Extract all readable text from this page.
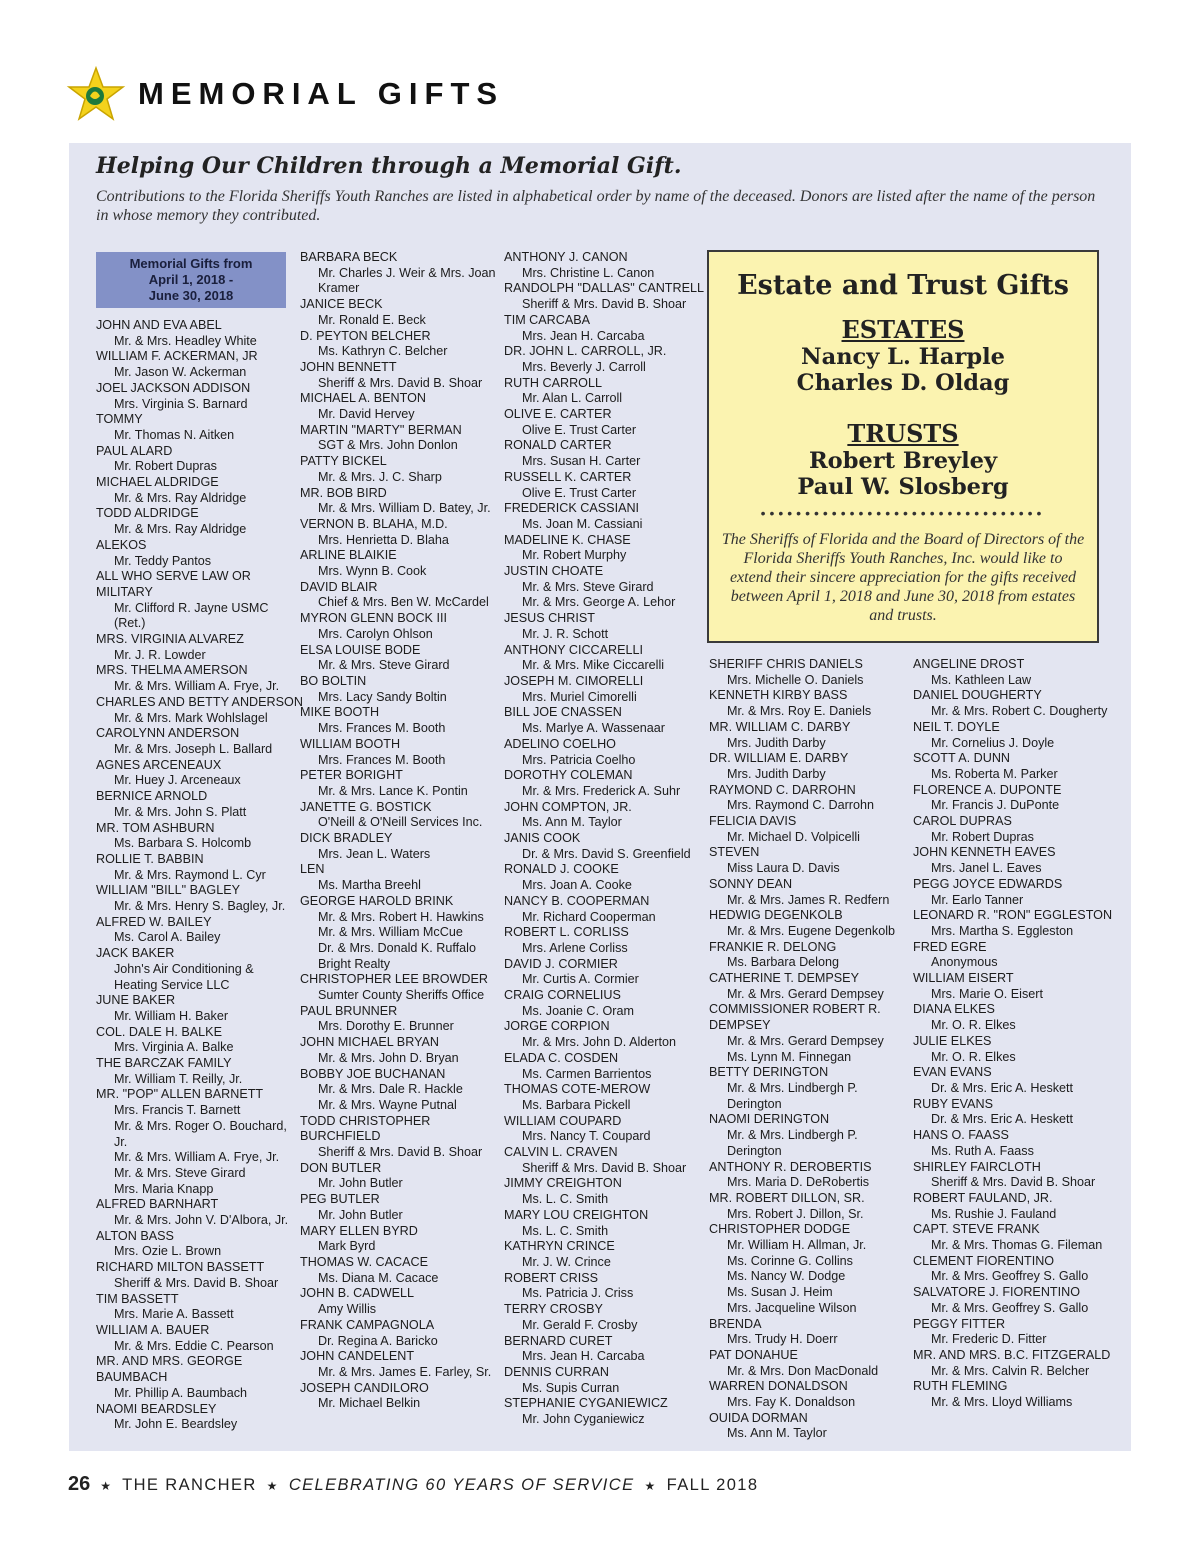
MEMORIAL GIFTS
Helping Our Children through a Memorial Gift.
Contributions to the Florida Sheriffs Youth Ranches are listed in alphabetical order by name of the deceased. Donors are listed after the name of the person in whose memory they contributed.
Memorial Gifts from
April 1, 2018 -
June 30, 2018
JOHN AND EVA ABEL
Mr. & Mrs. Headley White
WILLIAM F. ACKERMAN, JR
Mr. Jason W. Ackerman
JOEL JACKSON ADDISON
Mrs. Virginia S. Barnard
TOMMY
Mr. Thomas N. Aitken
PAUL ALARD
Mr. Robert Dupras
MICHAEL ALDRIDGE
Mr. & Mrs. Ray Aldridge
TODD ALDRIDGE
Mr. & Mrs. Ray Aldridge
ALEKOS
Mr. Teddy Pantos
ALL WHO SERVE LAW OR
MILITARY
Mr. Clifford R. Jayne USMC (Ret.)
MRS. VIRGINIA ALVAREZ
Mr. J. R. Lowder
MRS. THELMA AMERSON
Mr. & Mrs. William A. Frye, Jr.
CHARLES AND BETTY ANDERSON
Mr. & Mrs. Mark Wohlslagel
CAROLYNN ANDERSON
Mr. & Mrs. Joseph L. Ballard
AGNES ARCENEAUX
Mr. Huey J. Arceneaux
BERNICE ARNOLD
Mr. & Mrs. John S. Platt
MR. TOM ASHBURN
Ms. Barbara S. Holcomb
ROLLIE T. BABBIN
Mr. & Mrs. Raymond L. Cyr
WILLIAM "BILL" BAGLEY
Mr. & Mrs. Henry S. Bagley, Jr.
ALFRED W. BAILEY
Ms. Carol A. Bailey
JACK BAKER
John's Air Conditioning & Heating Service LLC
JUNE BAKER
Mr. William H. Baker
COL. DALE H. BALKE
Mrs. Virginia A. Balke
THE BARCZAK FAMILY
Mr. William T. Reilly, Jr.
MR. "POP" ALLEN BARNETT
Mrs. Francis T. Barnett
Mr. & Mrs. Roger O. Bouchard, Jr.
Mr. & Mrs. William A. Frye, Jr.
Mr. & Mrs. Steve Girard
Mrs. Maria Knapp
ALFRED BARNHART
Mr. & Mrs. John V. D'Albora, Jr.
ALTON BASS
Mrs. Ozie L. Brown
RICHARD MILTON BASSETT
Sheriff & Mrs. David B. Shoar
TIM BASSETT
Mrs. Marie A. Bassett
WILLIAM A. BAUER
Mr. & Mrs. Eddie C. Pearson
MR. AND MRS. GEORGE
BAUMBACH
Mr. Phillip A. Baumbach
NAOMI BEARDSLEY
Mr. John E. Beardsley
BARBARA BECK
Mr. Charles J. Weir & Mrs. Joan Kramer
JANICE BECK
Mr. Ronald E. Beck
D. PEYTON BELCHER
Ms. Kathryn C. Belcher
JOHN BENNETT
Sheriff & Mrs. David B. Shoar
MICHAEL A. BENTON
Mr. David Hervey
MARTIN "MARTY" BERMAN
SGT & Mrs. John Donlon
PATTY BICKEL
Mr. & Mrs. J. C. Sharp
MR. BOB BIRD
Mr. & Mrs. William D. Batey, Jr.
VERNON B. BLAHA, M.D.
Mrs. Henrietta D. Blaha
ARLINE BLAIKIE
Mrs. Wynn B. Cook
DAVID BLAIR
Chief & Mrs. Ben W. McCardel
MYRON GLENN BOCK III
Mrs. Carolyn Ohlson
ELSA LOUISE BODE
Mr. & Mrs. Steve Girard
BO BOLTIN
Mrs. Lacy Sandy Boltin
MIKE BOOTH
Mrs. Frances M. Booth
WILLIAM BOOTH
Mrs. Frances M. Booth
PETER BORIGHT
Mr. & Mrs. Lance K. Pontin
JANETTE G. BOSTICK
O'Neill & O'Neill Services Inc.
DICK BRADLEY
Mrs. Jean L. Waters
LEN
Ms. Martha Breehl
GEORGE HAROLD BRINK
Mr. & Mrs. Robert H. Hawkins
Mr. & Mrs. William McCue
Dr. & Mrs. Donald K. Ruffalo
Bright Realty
CHRISTOPHER LEE BROWDER
Sumter County Sheriffs Office
PAUL BRUNNER
Mrs. Dorothy E. Brunner
JOHN MICHAEL BRYAN
Mr. & Mrs. John D. Bryan
BOBBY JOE BUCHANAN
Mr. & Mrs. Dale R. Hackle
Mr. & Mrs. Wayne Putnal
TODD CHRISTOPHER
BURCHFIELD
Sheriff & Mrs. David B. Shoar
DON BUTLER
Mr. John Butler
PEG BUTLER
Mr. John Butler
MARY ELLEN BYRD
Mark Byrd
THOMAS W. CACACE
Ms. Diana M. Cacace
JOHN B. CADWELL
Amy Willis
FRANK CAMPAGNOLA
Dr. Regina A. Baricko
JOHN CANDELENT
Mr. & Mrs. James E. Farley, Sr.
JOSEPH CANDILORO
Mr. Michael Belkin
ANTHONY J. CANON
Mrs. Christine L. Canon
RANDOLPH "DALLAS" CANTRELL
Sheriff & Mrs. David B. Shoar
TIM CARCABA
Mrs. Jean H. Carcaba
DR. JOHN L. CARROLL, JR.
Mrs. Beverly J. Carroll
RUTH CARROLL
Mr. Alan L. Carroll
OLIVE E. CARTER
Olive E. Trust Carter
RONALD CARTER
Mrs. Susan H. Carter
RUSSELL K. CARTER
Olive E. Trust Carter
FREDERICK CASSIANI
Ms. Joan M. Cassiani
MADELINE K. CHASE
Mr. Robert Murphy
JUSTIN CHOATE
Mr. & Mrs. Steve Girard
Mr. & Mrs. George A. Lehor
JESUS CHRIST
Mr. J. R. Schott
ANTHONY CICCARELLI
Mr. & Mrs. Mike Ciccarelli
JOSEPH M. CIMORELLI
Mrs. Muriel Cimorelli
BILL JOE CNASSEN
Ms. Marlye A. Wassenaar
ADELINO COELHO
Mrs. Patricia Coelho
DOROTHY COLEMAN
Mr. & Mrs. Frederick A. Suhr
JOHN COMPTON, JR.
Ms. Ann M. Taylor
JANIS COOK
Dr. & Mrs. David S. Greenfield
RONALD J. COOKE
Mrs. Joan A. Cooke
NANCY B. COOPERMAN
Mr. Richard Cooperman
ROBERT L. CORLISS
Mrs. Arlene Corliss
DAVID J. CORMIER
Mr. Curtis A. Cormier
CRAIG CORNELIUS
Ms. Joanie C. Oram
JORGE CORPION
Mr. & Mrs. John D. Alderton
ELADA C. COSDEN
Ms. Carmen Barrientos
THOMAS COTE-MEROW
Ms. Barbara Pickell
WILLIAM COUPARD
Mrs. Nancy T. Coupard
CALVIN L. CRAVEN
Sheriff & Mrs. David B. Shoar
JIMMY CREIGHTON
Ms. L. C. Smith
MARY LOU CREIGHTON
Ms. L. C. Smith
KATHRYN CRINCE
Mr. J. W. Crince
ROBERT CRISS
Ms. Patricia J. Criss
TERRY CROSBY
Mr. Gerald F. Crosby
BERNARD CURET
Mrs. Jean H. Carcaba
DENNIS CURRAN
Ms. Supis Curran
STEPHANIE CYGANIEWICZ
Mr. John Cyganiewicz
SHERIFF CHRIS DANIELS
Mrs. Michelle O. Daniels
KENNETH KIRBY BASS
Mr. & Mrs. Roy E. Daniels
MR. WILLIAM C. DARBY
Mrs. Judith Darby
DR. WILLIAM E. DARBY
Mrs. Judith Darby
RAYMOND C. DARROHN
Mrs. Raymond C. Darrohn
FELICIA DAVIS
Mr. Michael D. Volpicelli
STEVEN
Miss Laura D. Davis
SONNY DEAN
Mr. & Mrs. James R. Redfern
HEDWIG DEGENKOLB
Mr. & Mrs. Eugene Degenkolb
FRANKIE R. DELONG
Ms. Barbara Delong
CATHERINE T. DEMPSEY
Mr. & Mrs. Gerard Dempsey
COMMISSIONER ROBERT R.
DEMPSEY
Mr. & Mrs. Gerard Dempsey
Ms. Lynn M. Finnegan
BETTY DERINGTON
Mr. & Mrs. Lindbergh P. Derington
NAOMI DERINGTON
Mr. & Mrs. Lindbergh P. Derington
ANTHONY R. DEROBERTIS
Mrs. Maria D. DeRobertis
MR. ROBERT DILLON, SR.
Mrs. Robert J. Dillon, Sr.
CHRISTOPHER DODGE
Mr. William H. Allman, Jr.
Ms. Corinne G. Collins
Ms. Nancy W. Dodge
Ms. Susan J. Heim
Mrs. Jacqueline Wilson
BRENDA
Mrs. Trudy H. Doerr
PAT DONAHUE
Mr. & Mrs. Don MacDonald
WARREN DONALDSON
Mrs. Fay K. Donaldson
OUIDA DORMAN
Ms. Ann M. Taylor
ANGELINE DROST
Ms. Kathleen Law
DANIEL DOUGHERTY
Mr. & Mrs. Robert C. Dougherty
NEIL T. DOYLE
Mr. Cornelius J. Doyle
SCOTT A. DUNN
Ms. Roberta M. Parker
FLORENCE A. DUPONTE
Mr. Francis J. DuPonte
CAROL DUPRAS
Mr. Robert Dupras
JOHN KENNETH EAVES
Mrs. Janel L. Eaves
PEGG JOYCE EDWARDS
Mr. Earlo Tanner
LEONARD R. "RON" EGGLESTON
Mrs. Martha S. Eggleston
FRED EGRE
Anonymous
WILLIAM EISERT
Mrs. Marie O. Eisert
DIANA ELKES
Mr. O. R. Elkes
JULIE ELKES
Mr. O. R. Elkes
EVAN EVANS
Dr. & Mrs. Eric A. Heskett
RUBY EVANS
Dr. & Mrs. Eric A. Heskett
HANS O. FAASS
Ms. Ruth A. Faass
SHIRLEY FAIRCLOTH
Sheriff & Mrs. David B. Shoar
ROBERT FAULAND, JR.
Ms. Rushie J. Fauland
CAPT. STEVE FRANK
Mr. & Mrs. Thomas G. Fileman
CLEMENT FIORENTINO
Mr. & Mrs. Geoffrey S. Gallo
SALVATORE J. FIORENTINO
Mr. & Mrs. Geoffrey S. Gallo
PEGGY FITTER
Mr. Frederic D. Fitter
MR. AND MRS. B.C. FITZGERALD
Mr. & Mrs. Calvin R. Belcher
RUTH FLEMING
Mr. & Mrs. Lloyd Williams
Estate and Trust Gifts
ESTATES
Nancy L. Harple
Charles D. Oldag
TRUSTS
Robert Breyley
Paul W. Slosberg
••••••••••••••••••••••••••••••••
The Sheriffs of Florida and the Board of Directors of the Florida Sheriffs Youth Ranches, Inc. would like to extend their sincere appreciation for the gifts received between April 1, 2018 and June 30, 2018 from estates and trusts.
26 ★ THE RANCHER ★ CELEBRATING 60 YEARS OF SERVICE ★ FALL 2018
